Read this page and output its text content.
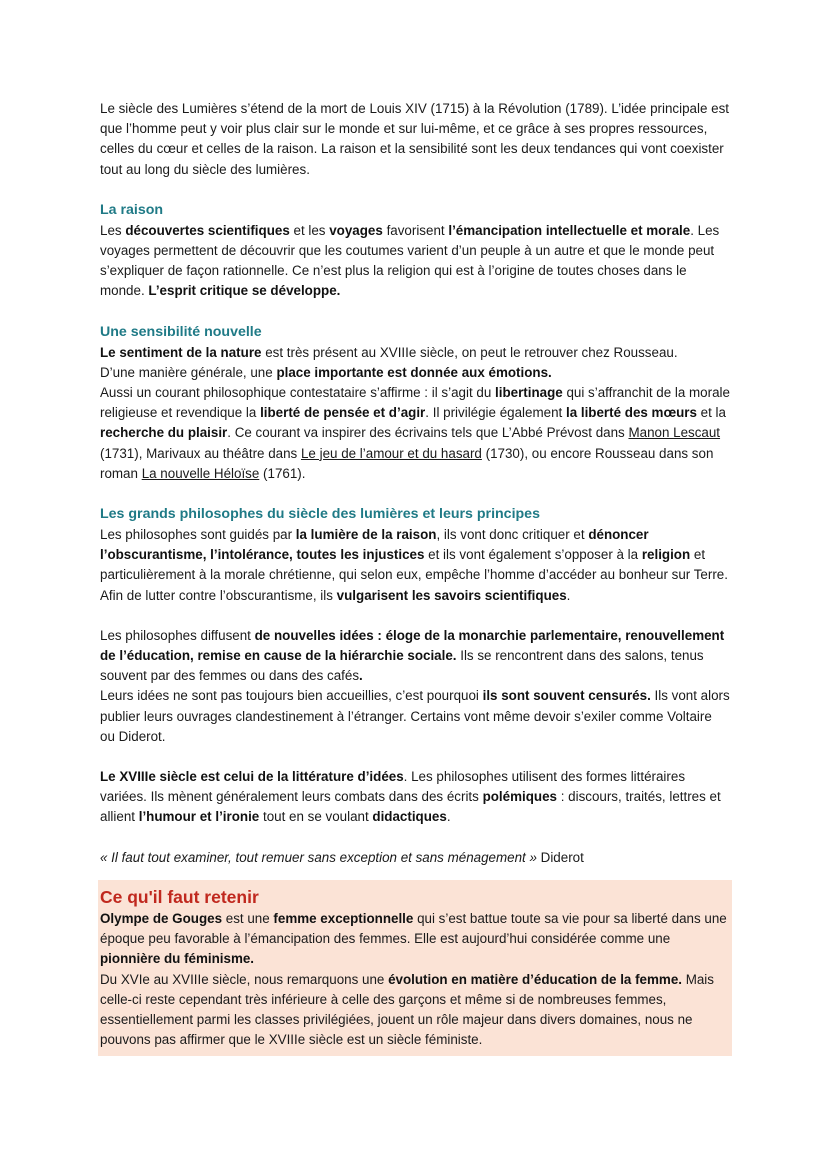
Le siècle des Lumières s’étend de la mort de Louis XIV (1715) à la Révolution (1789). L’idée principale est que l’homme peut y voir plus clair sur le monde et sur lui-même, et ce grâce à ses propres ressources, celles du cœur et celles de la raison. La raison et la sensibilité sont les deux tendances qui vont coexister tout au long du siècle des lumières.

La raison

Les découvertes scientifiques et les voyages favorisent l’émancipation intellectuelle et morale. Les voyages permettent de découvrir que les coutumes varient d’un peuple à un autre et que le monde peut s’expliquer de façon rationnelle. Ce n’est plus la religion qui est à l’origine de toutes choses dans le monde. L’esprit critique se développe.

Une sensibilité nouvelle

Le sentiment de la nature est très présent au XVIIIe siècle, on peut le retrouver chez Rousseau.

D’une manière générale, une place importante est donnée aux émotions.

Aussi un courant philosophique contestataire s’affirme : il s’agit du libertinage qui s’affranchit de la morale religieuse et revendique la liberté de pensée et d’agir. Il privilégie également la liberté des mœurs et la recherche du plaisir. Ce courant va inspirer des écrivains tels que L’Abbé Prévost dans Manon Lescaut (1731), Marivaux au théâtre dans Le jeu de l’amour et du hasard (1730), ou encore Rousseau dans son roman La nouvelle Héloïse (1761).

Les grands philosophes du siècle des lumières et leurs principes

Les philosophes sont guidés par la lumière de la raison, ils vont donc critiquer et dénoncer l’obscurantisme, l’intolérance, toutes les injustices et ils vont également s’opposer à la religion et particulièrement à la morale chrétienne, qui selon eux, empêche l’homme d’accéder au bonheur sur Terre. Afin de lutter contre l’obscurantisme, ils vulgarisent les savoirs scientifiques.

Les philosophes diffusent de nouvelles idées : éloge de la monarchie parlementaire, renouvellement de l’éducation, remise en cause de la hiérarchie sociale. Ils se rencontrent dans des salons, tenus souvent par des femmes ou dans des cafés.

Leurs idées ne sont pas toujours bien accueillies, c’est pourquoi ils sont souvent censurés. Ils vont alors publier leurs ouvrages clandestinement à l’étranger. Certains vont même devoir s’exiler comme Voltaire ou Diderot.

Le XVIIIe siècle est celui de la littérature d’idées. Les philosophes utilisent des formes littéraires variées. Ils mènent généralement leurs combats dans des écrits polémiques : discours, traités, lettres et allient l’humour et l’ironie tout en se voulant didactiques.

« Il faut tout examiner, tout remuer sans exception et sans ménagement » Diderot

Ce qu'il faut retenir

Olympe de Gouges est une femme exceptionnelle qui s’est battue toute sa vie pour sa liberté dans une époque peu favorable à l’émancipation des femmes. Elle est aujourd’hui considérée comme une pionnière du féminisme.

Du XVIe au XVIIIe siècle, nous remarquons une évolution en matière d’éducation de la femme. Mais celle-ci reste cependant très inférieure à celle des garçons et même si de nombreuses femmes, essentiellement parmi les classes privilégiées, jouent un rôle majeur dans divers domaines, nous ne pouvons pas affirmer que le XVIIIe siècle est un siècle féministe.
